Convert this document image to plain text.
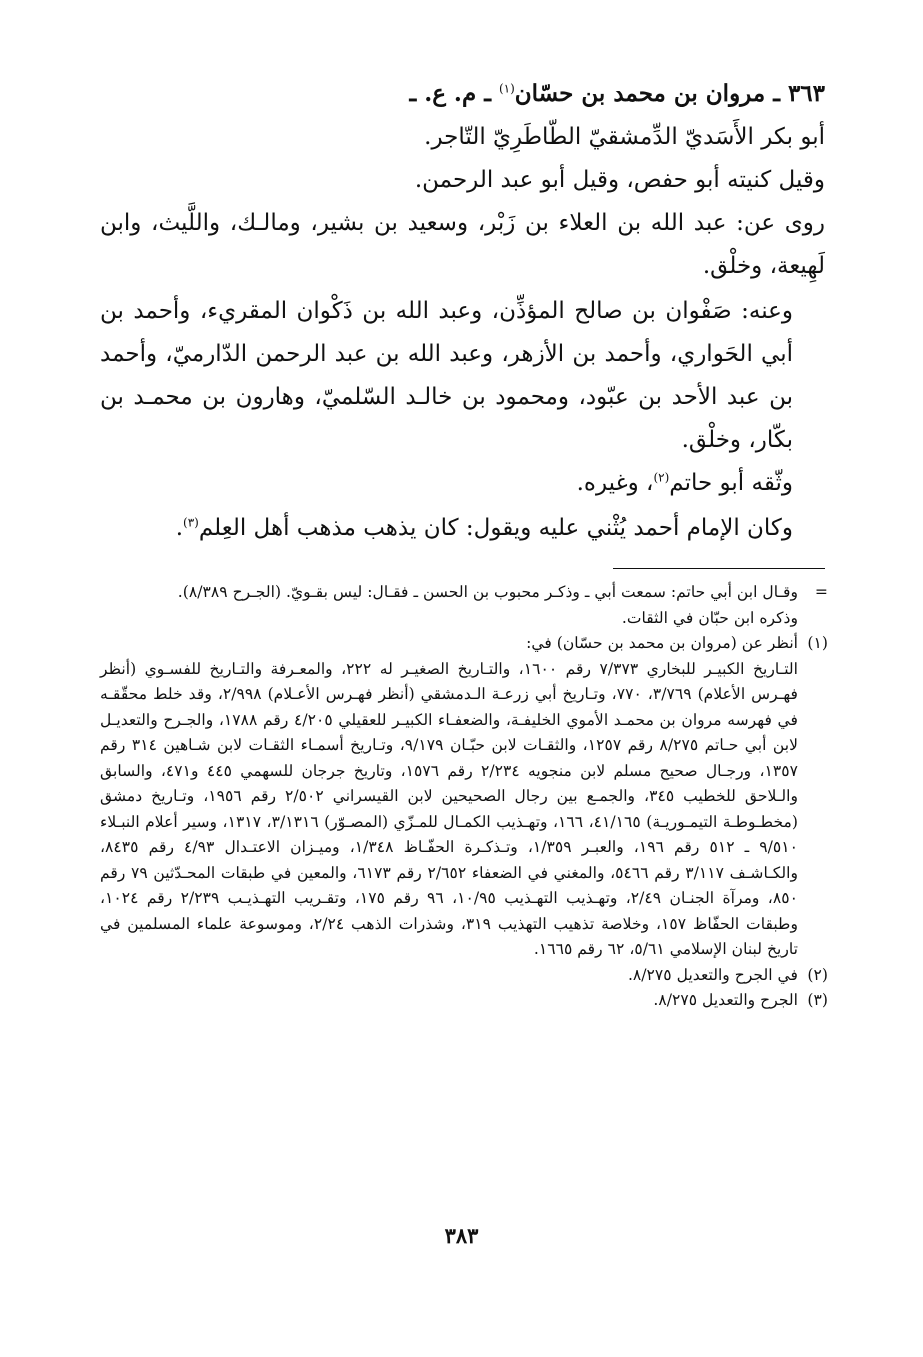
٣٦٣ ـ مروان بن محمد بن حسّان$^{(١)}$ ـ م. ع. ـ

أبو بكر الأَسَديّ الدِّمشقيّ الطّاطَرِيّ التّاجر.

وقيل كنيته أبو حفص، وقيل أبو عبد الرحمن.

روى عن: عبد الله بن العلاء بن زَبْر، وسعيد بن بشير، ومالـك، واللَّيث، وابن لَهِيعة، وخلْق.

وعنه: صَفْوان بن صالح المؤذِّن، وعبد الله بن ذَكْوان المقريء، وأحمد بن أبي الحَواري، وأحمد بن الأزهر، وعبد الله بن عبد الرحمن الدّارميّ، وأحمد بن عبد الأحد بن عبّود، ومحمود بن خالـد السّلميّ، وهارون بن محمـد بن بكّار، وخلْق.

وثّقه أبو حاتم$^{(٢)}$، وغيره.

وكان الإمام أحمد يُثْني عليه ويقول: كان يذهب مذهب أهل العِلم$^{(٣)}$.

=

وقـال ابن أبي حاتم: سمعت أبي ـ وذكـر محبوب بن الحسن ـ فقـال: ليس بقـويّ. (الجـرح ٨/٣٨٩).

وذكره ابن حبّان في الثقات.

(١)

أنظر عن (مروان بن محمد بن حسّان) في:

التـاريخ الكبيـر للبخاري ٧/٣٧٣ رقم ١٦٠٠، والتـاريخ الصغيـر له ٢٢٢، والمعـرفة والتـاريخ للفسـوي (أنظر فهـرس الأعلام) ٣/٧٦٩، ٧٧٠، وتـاريخ أبي زرعـة الـدمشقي (أنظر فهـرس الأعـلام) ٢/٩٩٨، وقد خلط محقّقـه في فهرسه مروان بن محمـد الأموي الخليفـة، والضعفـاء الكبيـر للعقيلي ٤/٢٠٥ رقم ١٧٨٨، والجـرح والتعديـل لابن أبي حـاتم ٨/٢٧٥ رقم ١٢٥٧، والثقـات لابن حبّـان ٩/١٧٩، وتـاريخ أسمـاء الثقـات لابن شـاهين ٣١٤ رقم ١٣٥٧، ورجـال صحيح مسلم لابن منجويه ٢/٢٣٤ رقم ١٥٧٦، وتاريخ جرجان للسهمي ٤٤٥ و٤٧١، والسابق والـلاحق للخطيب ٣٤٥، والجمـع بين رجال الصحيحين لابن القيسراني ٢/٥٠٢ رقم ١٩٥٦، وتـاريخ دمشق (مخطـوطـة التيمـوريـة) ٤١/١٦٥، ١٦٦، وتهـذيب الكمـال للمـزّي (المصـوّر) ٣/١٣١٦، ١٣١٧، وسير أعلام النبـلاء ٩/٥١٠ ـ ٥١٢ رقم ١٩٦، والعبـر ١/٣٥٩، وتـذكـرة الحفّـاظ ١/٣٤٨، وميـزان الاعتـدال ٤/٩٣ رقم ٨٤٣٥، والكـاشـف ٣/١١٧ رقم ٥٤٦٦، والمغني في الضعفاء ٢/٦٥٢ رقم ٦١٧٣، والمعين في طبقات المحـدّثين ٧٩ رقم ٨٥٠، ومرآة الجنـان ٢/٤٩، وتهـذيب التهـذيب ١٠/٩٥، ٩٦ رقم ١٧٥، وتقـريب التهـذيـب ٢/٢٣٩ رقم ١٠٢٤، وطبقات الحفّاظ ١٥٧، وخلاصة تذهيب التهذيب ٣١٩، وشذرات الذهب ٢/٢٤، وموسوعة علماء المسلمين في تاريخ لبنان الإسلامي ٥/٦١، ٦٢ رقم ١٦٦٥.

(٢)

في الجرح والتعديل ٨/٢٧٥.

(٣)

الجرح والتعديل ٨/٢٧٥.

٣٨٣
